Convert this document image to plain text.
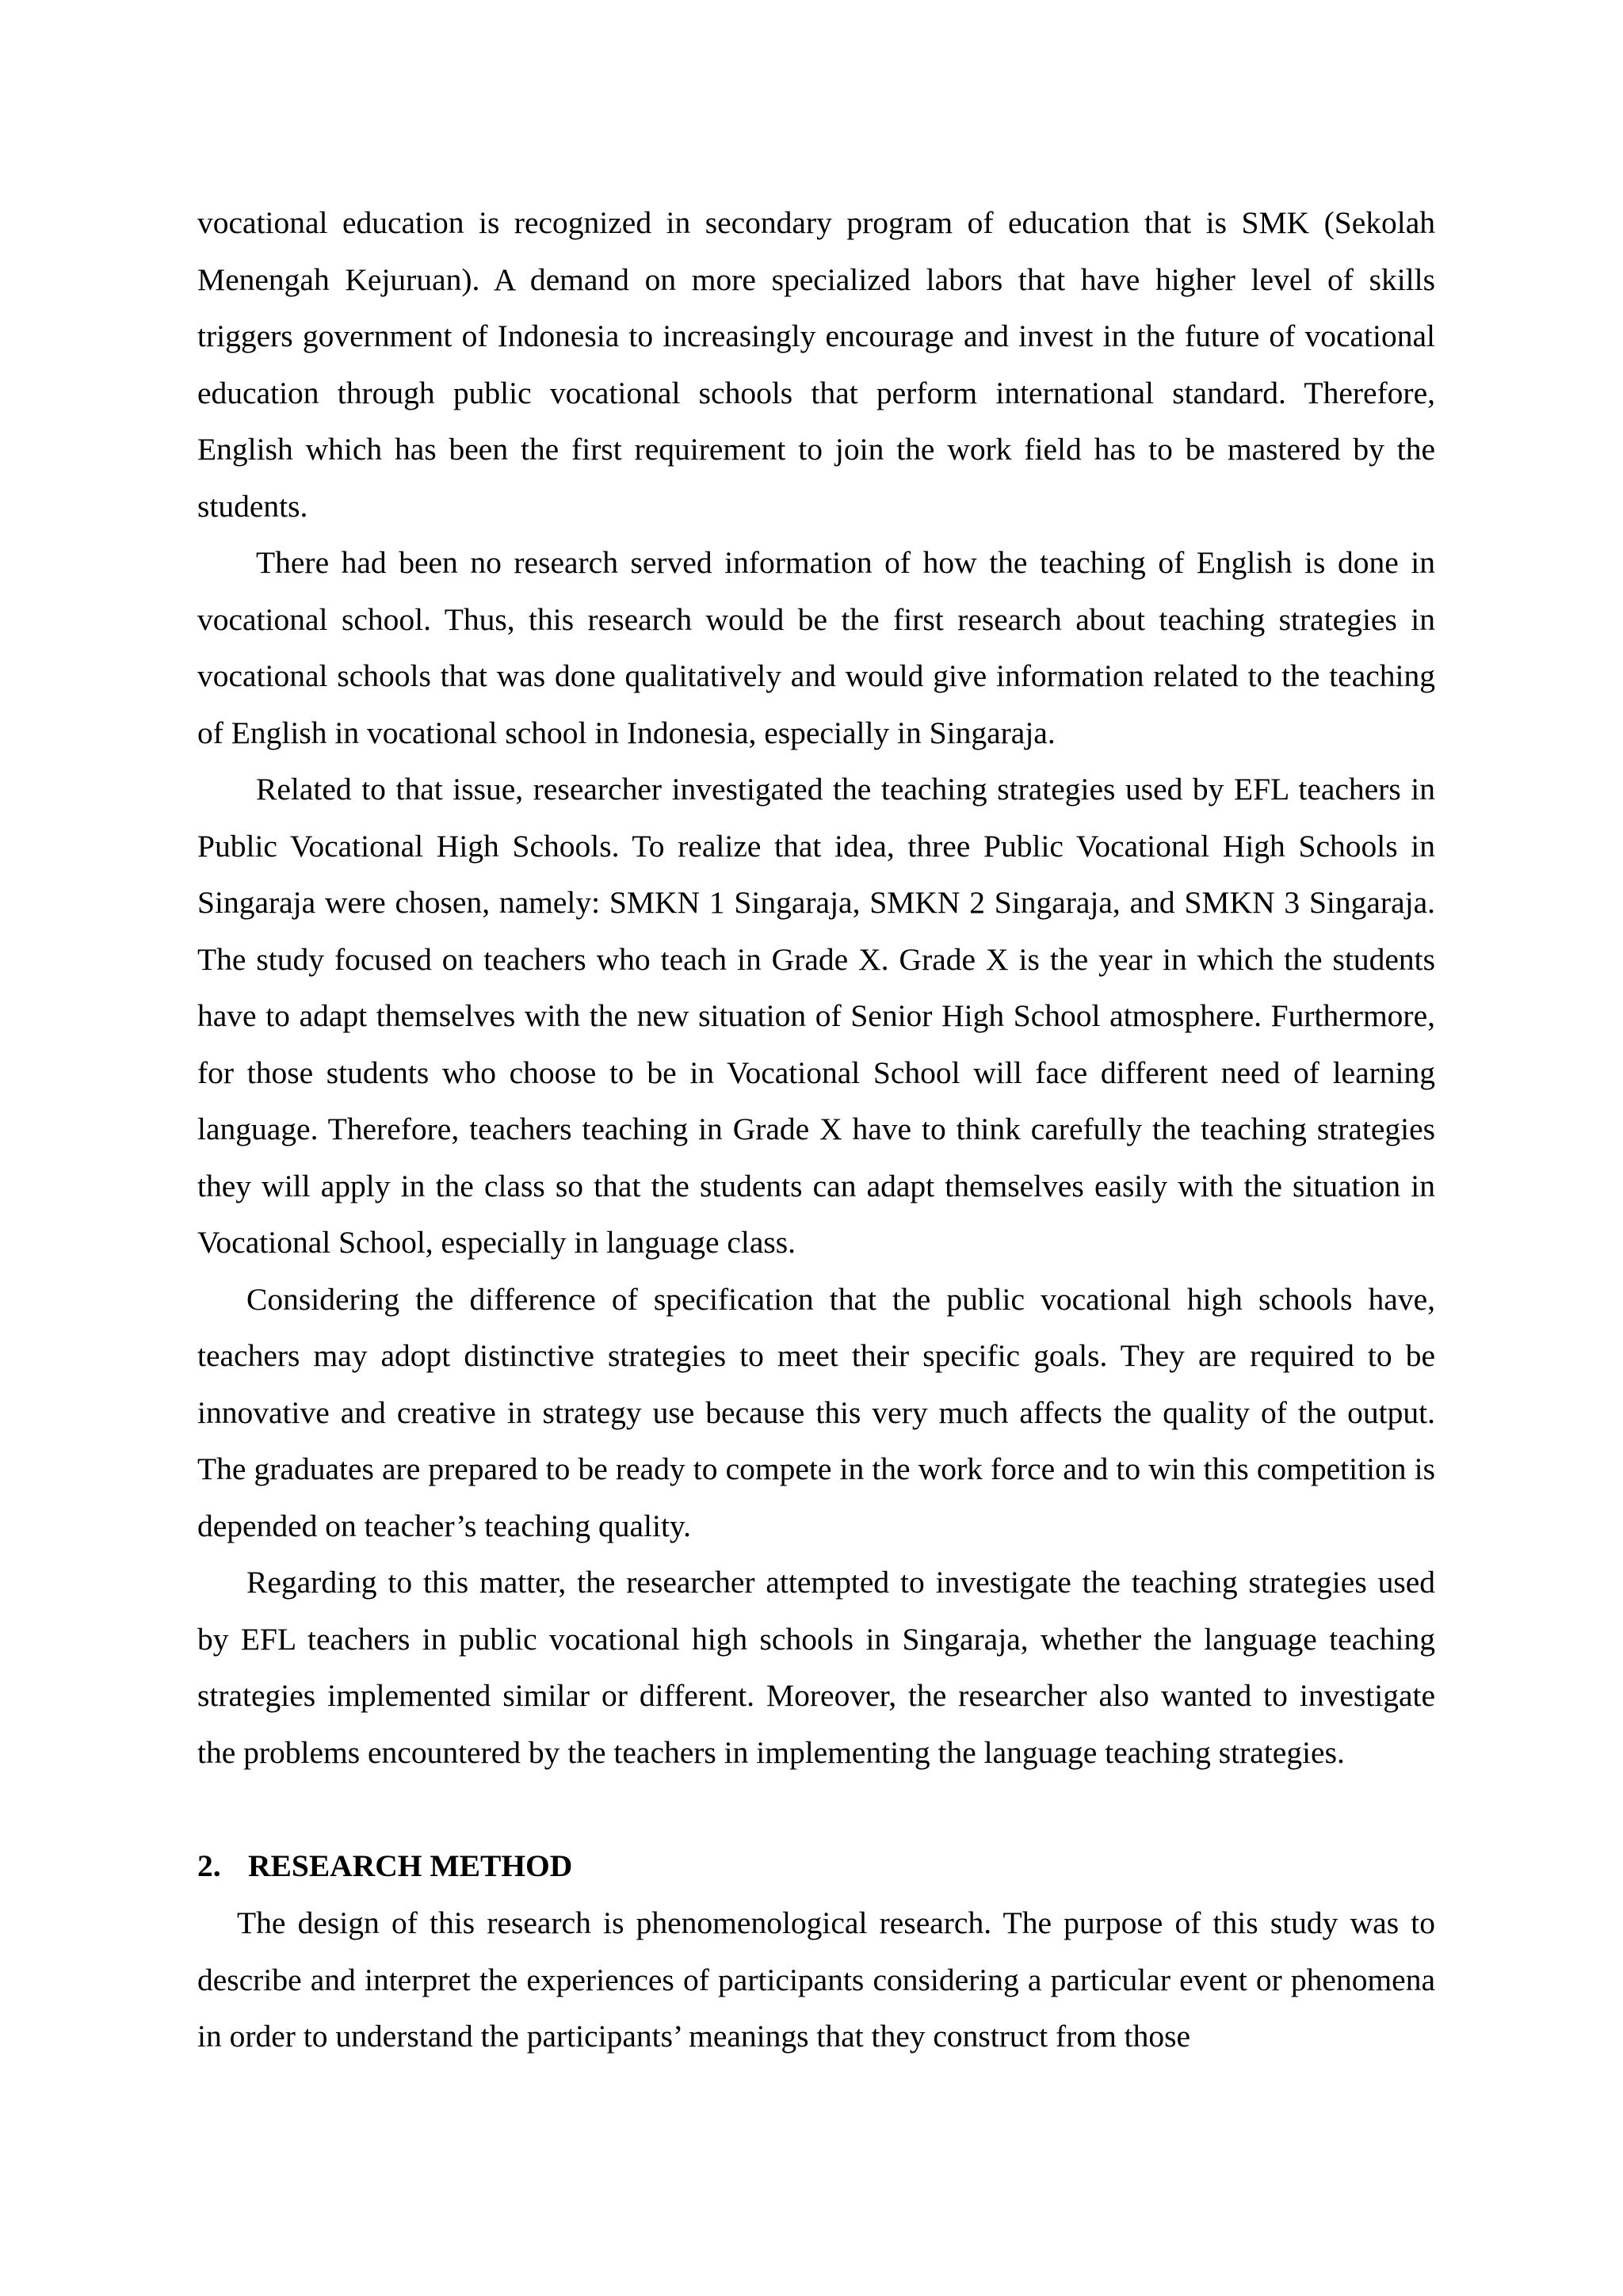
vocational education is recognized in secondary program of education that is SMK (Sekolah Menengah Kejuruan). A demand on more specialized labors that have higher level of skills triggers government of Indonesia to increasingly encourage and invest in the future of vocational education through public vocational schools that perform international standard. Therefore, English which has been the first requirement to join the work field has to be mastered by the students.

There had been no research served information of how the teaching of English is done in vocational school. Thus, this research would be the first research about teaching strategies in vocational schools that was done qualitatively and would give information related to the teaching of English in vocational school in Indonesia, especially in Singaraja.

Related to that issue, researcher investigated the teaching strategies used by EFL teachers in Public Vocational High Schools. To realize that idea, three Public Vocational High Schools in Singaraja were chosen, namely: SMKN 1 Singaraja, SMKN 2 Singaraja, and SMKN 3 Singaraja. The study focused on teachers who teach in Grade X. Grade X is the year in which the students have to adapt themselves with the new situation of Senior High School atmosphere. Furthermore, for those students who choose to be in Vocational School will face different need of learning language. Therefore, teachers teaching in Grade X have to think carefully the teaching strategies they will apply in the class so that the students can adapt themselves easily with the situation in Vocational School, especially in language class.

Considering the difference of specification that the public vocational high schools have, teachers may adopt distinctive strategies to meet their specific goals. They are required to be innovative and creative in strategy use because this very much affects the quality of the output. The graduates are prepared to be ready to compete in the work force and to win this competition is depended on teacher’s teaching quality.

Regarding to this matter, the researcher attempted to investigate the teaching strategies used by EFL teachers in public vocational high schools in Singaraja, whether the language teaching strategies implemented similar or different. Moreover, the researcher also wanted to investigate the problems encountered by the teachers in implementing the language teaching strategies.

2. RESEARCH METHOD

The design of this research is phenomenological research. The purpose of this study was to describe and interpret the experiences of participants considering a particular event or phenomena in order to understand the participants’ meanings that they construct from those
